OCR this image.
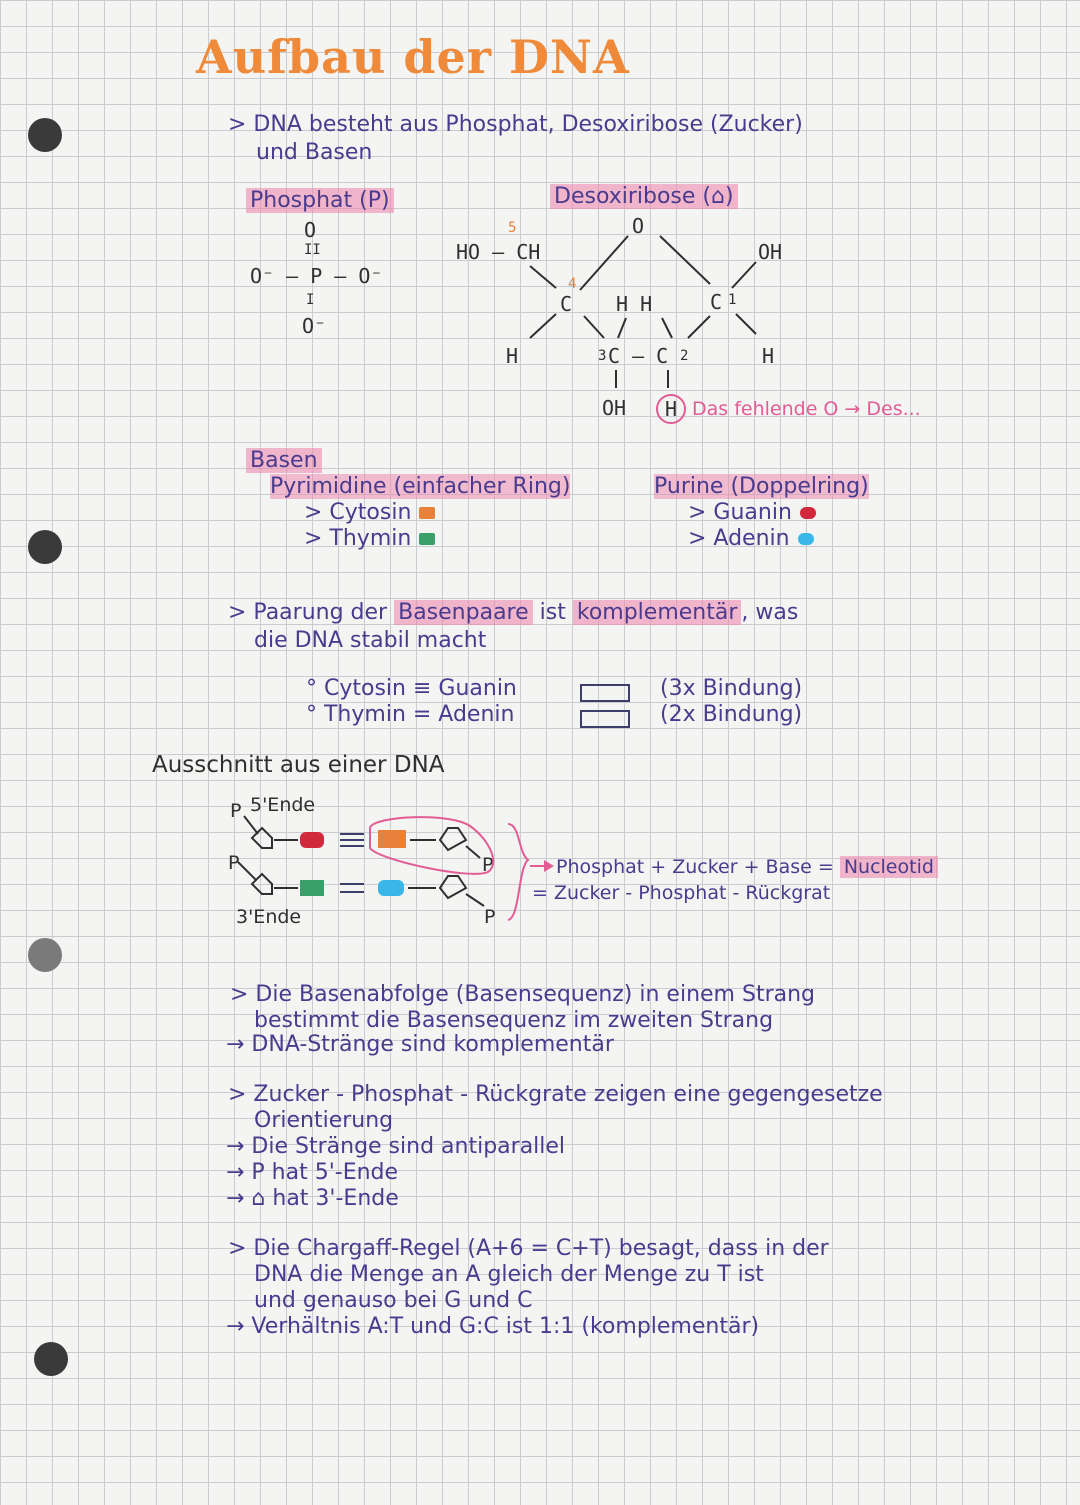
Aufbau der DNA
> DNA besteht aus Phosphat, Desoxiribose (Zucker)
und Basen
Phosphat (P)
O
II
O⁻ – P – O⁻
I
O⁻
Desoxiribose (⌂)
O
HO – CH
5
4
C H H	C 1
OH
H	C – C
3	2	H
OH	H Das fehlende O → Des...
Basen
Pyrimidine (einfacher Ring)
> Cytosin
> Thymin
Purine (Doppelring)
> Guanin
> Adenin
> Paarung der Basenpaare ist komplementär , was
die DNA stabil macht
° Cytosin ≡ Guanin	(3x Bindung)
° Thymin = Adenin	(2x Bindung)
Ausschnitt aus einer DNA
5'Ende
3'Ende
P
P	P
P
Phosphat + Zucker + Base = Nucleotid
= Zucker - Phosphat - Rückgrat
> Die Basenabfolge (Basensequenz) in einem Strang
bestimmt die Basensequenz im zweiten Strang
→ DNA-Stränge sind komplementär
> Zucker - Phosphat - Rückgrate zeigen eine gegengesetze
Orientierung
→ Die Stränge sind antiparallel
→ P hat 5'-Ende
→ ⌂ hat 3'-Ende
> Die Chargaff-Regel (A+6 = C+T) besagt, dass in der
DNA die Menge an A gleich der Menge zu T ist
und genauso bei G und C
→ Verhältnis A:T und G:C ist 1:1 (komplementär)
